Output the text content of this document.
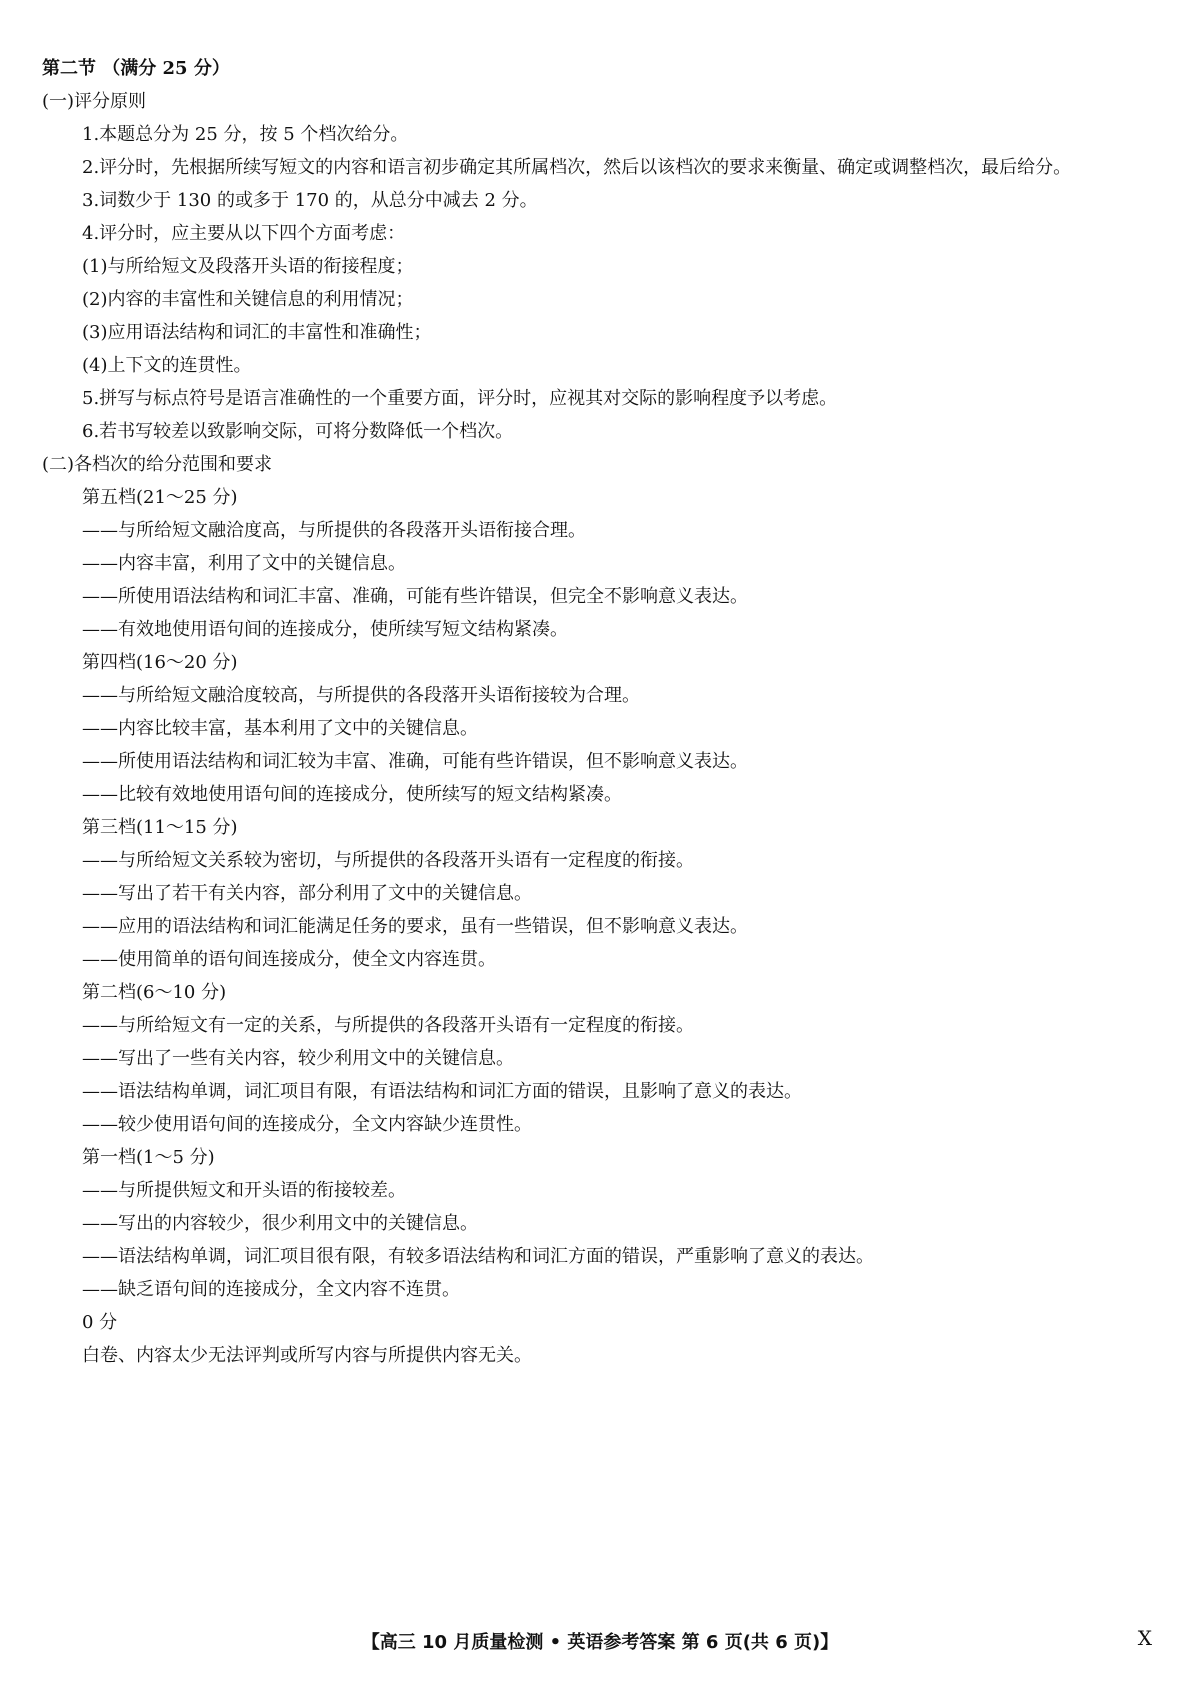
第二节 （满分 25 分）
(一)评分原则
1.本题总分为 25 分，按 5 个档次给分。
2.评分时，先根据所续写短文的内容和语言初步确定其所属档次，然后以该档次的要求来衡量、确定或调整档次，最后给分。
3.词数少于 130 的或多于 170 的，从总分中减去 2 分。
4.评分时，应主要从以下四个方面考虑：
(1)与所给短文及段落开头语的衔接程度；
(2)内容的丰富性和关键信息的利用情况；
(3)应用语法结构和词汇的丰富性和准确性；
(4)上下文的连贯性。
5.拼写与标点符号是语言准确性的一个重要方面，评分时，应视其对交际的影响程度予以考虑。
6.若书写较差以致影响交际，可将分数降低一个档次。
(二)各档次的给分范围和要求
第五档(21～25 分)
——与所给短文融洽度高，与所提供的各段落开头语衔接合理。
——内容丰富，利用了文中的关键信息。
——所使用语法结构和词汇丰富、准确，可能有些许错误，但完全不影响意义表达。
——有效地使用语句间的连接成分，使所续写短文结构紧凑。
第四档(16～20 分)
——与所给短文融洽度较高，与所提供的各段落开头语衔接较为合理。
——内容比较丰富，基本利用了文中的关键信息。
——所使用语法结构和词汇较为丰富、准确，可能有些许错误，但不影响意义表达。
——比较有效地使用语句间的连接成分，使所续写的短文结构紧凑。
第三档(11～15 分)
——与所给短文关系较为密切，与所提供的各段落开头语有一定程度的衔接。
——写出了若干有关内容，部分利用了文中的关键信息。
——应用的语法结构和词汇能满足任务的要求，虽有一些错误，但不影响意义表达。
——使用简单的语句间连接成分，使全文内容连贯。
第二档(6～10 分)
——与所给短文有一定的关系，与所提供的各段落开头语有一定程度的衔接。
——写出了一些有关内容，较少利用文中的关键信息。
——语法结构单调，词汇项目有限，有语法结构和词汇方面的错误，且影响了意义的表达。
——较少使用语句间的连接成分，全文内容缺少连贯性。
第一档(1～5 分)
——与所提供短文和开头语的衔接较差。
——写出的内容较少，很少利用文中的关键信息。
——语法结构单调，词汇项目很有限，有较多语法结构和词汇方面的错误，严重影响了意义的表达。
——缺乏语句间的连接成分，全文内容不连贯。
0 分
白卷、内容太少无法评判或所写内容与所提供内容无关。
【高三 10 月质量检测 • 英语参考答案 第 6 页(共 6 页)】	X
